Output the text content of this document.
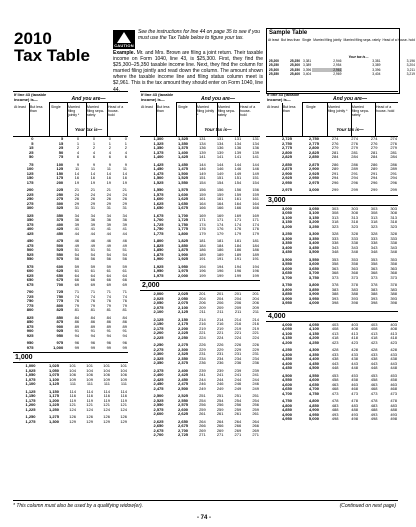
2010
Tax Table
CAUTION
See the instructions for line 44 on page 35 to see if you must use the Tax Table below to figure your tax.
Example. Mr. and Mrs. Brown are filing a joint return. Their taxable income on Form 1040, line 43, is $25,300. First, they find the $25,300–25,350 taxable income line. Next, they find the column for married filing jointly and read down the column. The amount shown where the taxable income line and filing status column meet is $2,961. This is the tax amount they should enter on Form 1040, line 44.
Sample Table
At least	But less than	Single	Married filing jointly	Married filing sepa- rately	Head of a house- hold
		Your tax is—			
25,200	25,250	3,381	2,946	3,381	3,196
25,250	25,300	3,389	2,954	3,389	3,204
25,300	25,350	3,396	2,961	3,396	3,211
25,350	25,400	3,404	2,969	3,404	3,219
If line 43 (taxable income) is—	And you are—
At least But less than
Single Married filing jointly *
Married filing sepa- rately
Head of a house- hold
Your tax is—
0	5	0	0	0	0
5	15	1	1	1	1
15	25	2	2	2	2
25	50	4	4	4	4
50	75	6	6	6	6

75	100	9	9	9	9
100	125	11	11	11	11
125	150	14	14	14	14
150	175	16	16	16	16
175	200	19	19	19	19

200	225	21	21	21	21
225	250	24	24	24	24
250	275	26	26	26	26
275	300	29	29	29	29
300	325	31	31	31	31

325	350	34	34	34	34
350	375	36	36	36	36
375	400	39	39	39	39
400	425	41	41	41	41
425	450	44	44	44	44

450	475	46	46	46	46
475	500	49	49	49	49
500	525	51	51	51	51
525	550	54	54	54	54
550	575	56	56	56	56

575	600	59	59	59	59
600	625	61	61	61	61
625	650	64	64	64	64
650	675	66	66	66	66
675	700	69	69	69	69

700	725	71	71	71	71
725	750	74	74	74	74
750	775	76	76	76	76
775	800	79	79	79	79
800	825	81	81	81	81

825	850	84	84	84	84
850	875	86	86	86	86
875	900	89	89	89	89
900	925	91	91	91	91
925	950	94	94	94	94

950	975	96	96	96	96
975	1,000	99	99	99	99
1,000
1,000	1,025	101	101	101	101
1,025	1,050	104	104	104	104
1,050	1,075	106	106	106	106
1,075	1,100	109	109	109	109
1,100	1,125	111	111	111	111

1,125	1,150	114	114	114	114
1,150	1,175	116	116	116	116
1,175	1,200	119	119	119	119
1,200	1,225	121	121	121	121
1,225	1,250	124	124	124	124

1,250	1,275	126	126	126	126
1,275	1,300	129	129	129	129
If line 43 (taxable income) is—	And you are—
At least But less than
Single	Married filing jointly *
Married filing sepa- rately
Head of a house- hold
Your tax is—
1,300	1,325	131	131	131	131
1,325	1,350	134	134	134	134
1,350	1,375	136	136	136	136
1,375	1,400	139	139	139	139
1,400	1,425	141	141	141	141

1,425	1,450	144	144	144	144
1,450	1,475	146	146	146	146
1,475	1,500	149	149	149	149
1,500	1,525	151	151	151	151
1,525	1,550	154	154	154	154

1,550	1,575	156	156	156	156
1,575	1,600	159	159	159	159
1,600	1,625	161	161	161	161
1,625	1,650	164	164	164	164
1,650	1,675	166	166	166	166

1,675	1,700	169	169	169	169
1,700	1,725	171	171	171	171
1,725	1,750	174	174	174	174
1,750	1,775	176	176	176	176
1,775	1,800	179	179	179	179

1,800	1,825	181	181	181	181
1,825	1,850	184	184	184	184
1,850	1,875	186	186	186	186
1,875	1,900	189	189	189	189
1,900	1,925	191	191	191	191

1,925	1,950	194	194	194	194
1,950	1,975	196	196	196	196
1,975	2,000	199	199	199	199
2,000
2,000	2,025	201	201	201	201
2,025	2,050	204	204	204	204
2,050	2,075	206	206	206	206
2,075	2,100	209	209	209	209
2,100	2,125	211	211	211	211

2,125	2,150	214	214	214	214
2,150	2,175	216	216	216	216
2,175	2,200	219	219	219	219
2,200	2,225	221	221	221	221
2,225	2,250	224	224	224	224

2,250	2,275	226	226	226	226
2,275	2,300	229	229	229	229
2,300	2,325	231	231	231	231
2,325	2,350	234	234	234	234
2,350	2,375	236	236	236	236

2,375	2,400	239	239	239	239
2,400	2,425	241	241	241	241
2,425	2,450	244	244	244	244
2,450	2,475	246	246	246	246
2,475	2,500	249	249	249	249

2,500	2,525	251	251	251	251
2,525	2,550	254	254	254	254
2,550	2,575	256	256	256	256
2,575	2,600	259	259	259	259
2,600	2,625	261	261	261	261

2,625	2,650	264	264	264	264
2,650	2,675	266	266	266	266
2,675	2,700	269	269	269	269
2,700	2,725	271	271	271	271
If line 43 (taxable income) is—	And you are—
At least But less than
Single	Married filing jointly *
Married filing sepa- rately
Head of a house- hold
Your tax is—
2,725	2,750	274	274	274	274
2,750	2,775	276	276	276	276
2,775	2,800	279	279	279	279
2,800	2,825	281	281	281	281
2,825	2,850	284	284	284	284

2,850	2,875	286	286	286	286
2,875	2,900	289	289	289	289
2,900	2,925	291	291	291	291
2,925	2,950	294	294	294	294
2,950	2,975	296	296	296	296

2,975	3,000	299	299	299	299
3,000
3,000	3,050	303	303	303	303
3,050	3,100	308	308	308	308
3,100	3,150	313	313	313	313
3,150	3,200	318	318	318	318
3,200	3,250	323	323	323	323

3,250	3,300	328	328	328	328
3,300	3,350	333	333	333	333
3,350	3,400	338	338	338	338
3,400	3,450	343	343	343	343
3,450	3,500	348	348	348	348

3,500	3,550	353	353	353	353
3,550	3,600	358	358	358	358
3,600	3,650	363	363	363	363
3,650	3,700	368	368	368	368
3,700	3,750	373	373	373	373

3,750	3,800	378	378	378	378
3,800	3,850	383	383	383	383
3,850	3,900	388	388	388	388
3,900	3,950	393	393	393	393
3,950	4,000	398	398	398	398

4,000
4,000	4,050	403	403	403	403
4,050	4,100	408	408	408	408
4,100	4,150	413	413	413	413
4,150	4,200	418	418	418	418
4,200	4,250	423	423	423	423

4,250	4,300	428	428	428	428
4,300	4,350	433	433	433	433
4,350	4,400	438	438	438	438
4,400	4,450	443	443	443	443
4,450	4,500	448	448	448	448

4,500	4,550	453	453	453	453
4,550	4,600	458	458	458	458
4,600	4,650	463	463	463	463
4,650	4,700	468	468	468	468
4,700	4,750	473	473	473	473

4,750	4,800	478	478	478	478
4,800	4,850	483	483	483	483
4,850	4,900	488	488	488	488
4,900	4,950	493	493	493	493
4,950	5,000	498	498	498	498

* This column must also be used by a qualifying widow(er).	(Continued on next page)
- 74 -
